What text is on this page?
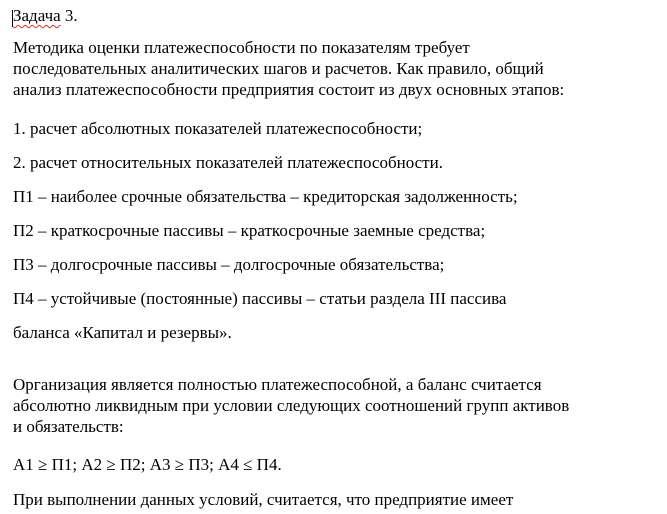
Задача 3.
Методика оценки платежеспособности по показателям требует
последовательных аналитических шагов и расчетов. Как правило, общий
анализ платежеспособности предприятия состоит из двух основных этапов:
1. расчет абсолютных показателей платежеспособности;
2. расчет относительных показателей платежеспособности.
П1 – наиболее срочные обязательства – кредиторская задолженность;
П2 – краткосрочные пассивы – краткосрочные заемные средства;
П3 – долгосрочные пассивы – долгосрочные обязательства;
П4 – устойчивые (постоянные) пассивы – статьи раздела III пассива
баланса «Капитал и резервы».
Организация является полностью платежеспособной, а баланс считается
абсолютно ликвидным при условии следующих соотношений групп активов
и обязательств:
А1 ≥ П1; А2 ≥ П2; А3 ≥ П3; А4 ≤ П4.
При выполнении данных условий, считается, что предприятие имеет
